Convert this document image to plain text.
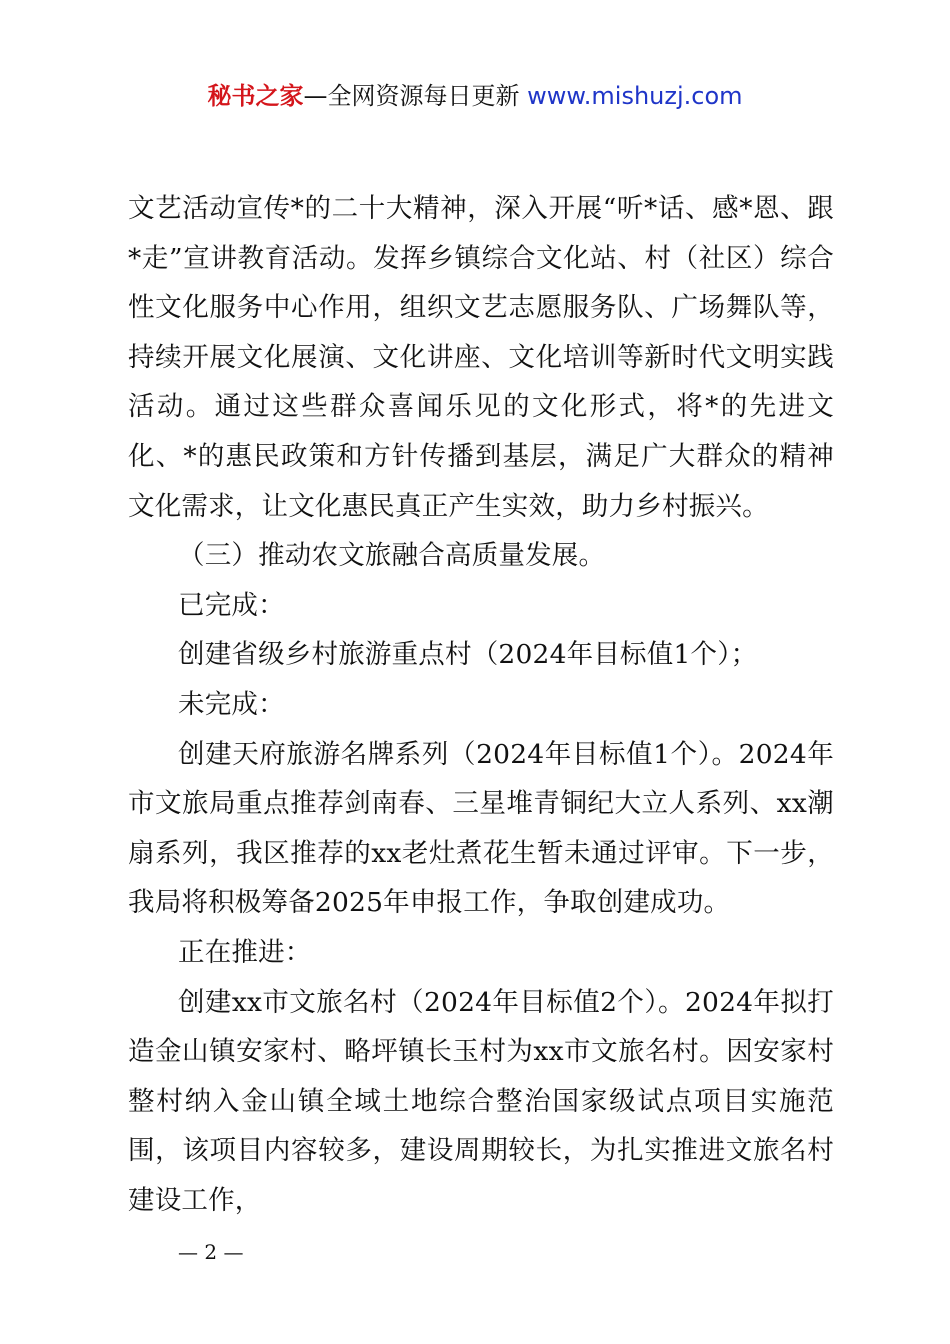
秘书之家—全网资源每日更新 www.mishuzj.com

文艺活动宣传*的二十大精神，深入开展“听*话、感*恩、跟*走”宣讲教育活动。发挥乡镇综合文化站、村（社区）综合性文化服务中心作用，组织文艺志愿服务队、广场舞队等，持续开展文化展演、文化讲座、文化培训等新时代文明实践活动。通过这些群众喜闻乐见的文化形式，将*的先进文化、*的惠民政策和方针传播到基层，满足广大群众的精神文化需求，让文化惠民真正产生实效，助力乡村振兴。

（三）推动农文旅融合高质量发展。

已完成：

创建省级乡村旅游重点村（2024年目标值1个）；

未完成：

创建天府旅游名牌系列（2024年目标值1个）。2024年市文旅局重点推荐剑南春、三星堆青铜纪大立人系列、xx潮扇系列，我区推荐的xx老灶煮花生暂未通过评审。下一步，我局将积极筹备2025年申报工作，争取创建成功。

正在推进：

创建xx市文旅名村（2024年目标值2个）。2024年拟打造金山镇安家村、略坪镇长玉村为xx市文旅名村。因安家村整村纳入金山镇全域土地综合整治国家级试点项目实施范围，该项目内容较多，建设周期较长，为扎实推进文旅名村建设工作，

— 2 —
